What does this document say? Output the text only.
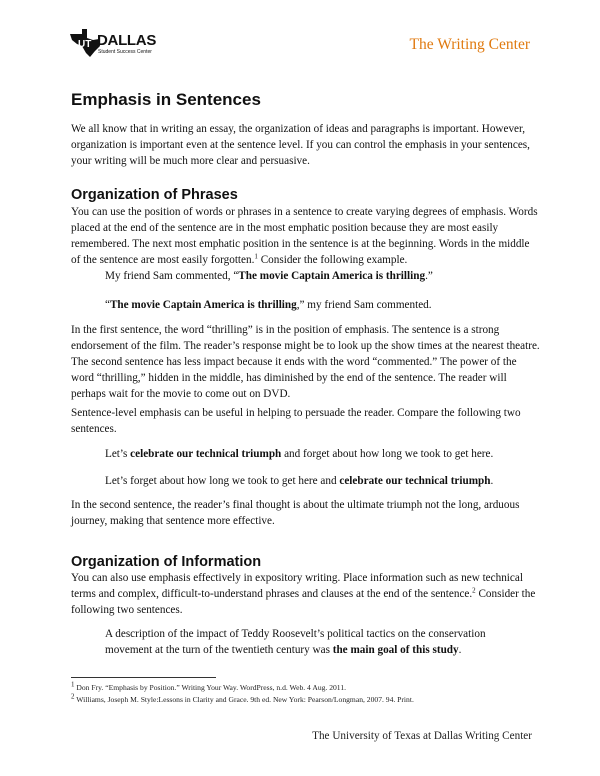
UT DALLAS
Student Success Center	The Writing Center
Emphasis in Sentences
We all know that in writing an essay, the organization of ideas and paragraphs is important. However, organization is important even at the sentence level. If you can control the emphasis in your sentences, your writing will be much more clear and persuasive.
Organization of Phrases
You can use the position of words or phrases in a sentence to create varying degrees of emphasis. Words placed at the end of the sentence are in the most emphatic position because they are most easily remembered. The next most emphatic position in the sentence is at the beginning. Words in the middle of the sentence are most easily forgotten.$^1$ Consider the following example.
My friend Sam commented, “The movie Captain America is thrilling.”
“The movie Captain America is thrilling,” my friend Sam commented.
In the first sentence, the word “thrilling” is in the position of emphasis. The sentence is a strong endorsement of the film. The reader’s response might be to look up the show times at the nearest theatre. The second sentence has less impact because it ends with the word “commented.” The power of the word “thrilling,” hidden in the middle, has diminished by the end of the sentence. The reader will perhaps wait for the movie to come out on DVD.
Sentence-level emphasis can be useful in helping to persuade the reader. Compare the following two sentences.
Let’s celebrate our technical triumph and forget about how long we took to get here.
Let’s forget about how long we took to get here and celebrate our technical triumph.
In the second sentence, the reader’s final thought is about the ultimate triumph not the long, arduous journey, making that sentence more effective.
Organization of Information
You can also use emphasis effectively in expository writing. Place information such as new technical terms and complex, difficult-to-understand phrases and clauses at the end of the sentence.$^2$ Consider the following two sentences.
A description of the impact of Teddy Roosevelt’s political tactics on the conservation movement at the turn of the twentieth century was the main goal of this study.
$^1$ Don Fry. “Emphasis by Position.” Writing Your Way. WordPress, n.d. Web. 4 Aug. 2011.
$^2$ Williams, Joseph M. Style:Lessons in Clarity and Grace. 9th ed. New York: Pearson/Longman, 2007. 94. Print.
The University of Texas at Dallas Writing Center
